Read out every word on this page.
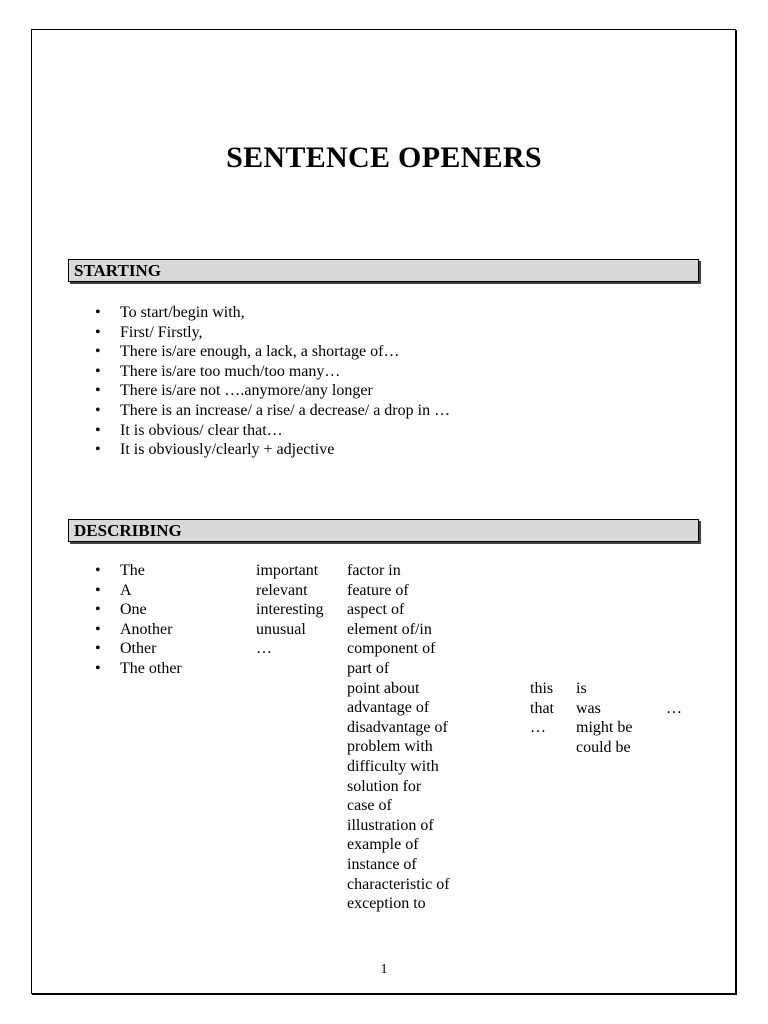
SENTENCE OPENERS
STARTING
• To start/begin with,
• First/ Firstly,
• There is/are enough, a lack, a shortage of…
• There is/are too much/too many…
• There is/are not ….anymore/any longer
• There is an increase/ a rise/ a decrease/ a drop in …
• It is obvious/ clear that…
• It is obviously/clearly + adjective
DESCRIBING
• The
• A
• One
• Another
• Other
• The other
important
relevant
interesting
unusual
…
factor in
feature of
aspect of
element of/in
component of
part of
point about
advantage of
disadvantage of
problem with
difficulty with
solution for
case of
illustration of
example of
instance of
characteristic of
exception to
this
that
…
is
was
might be
could be
…
1
